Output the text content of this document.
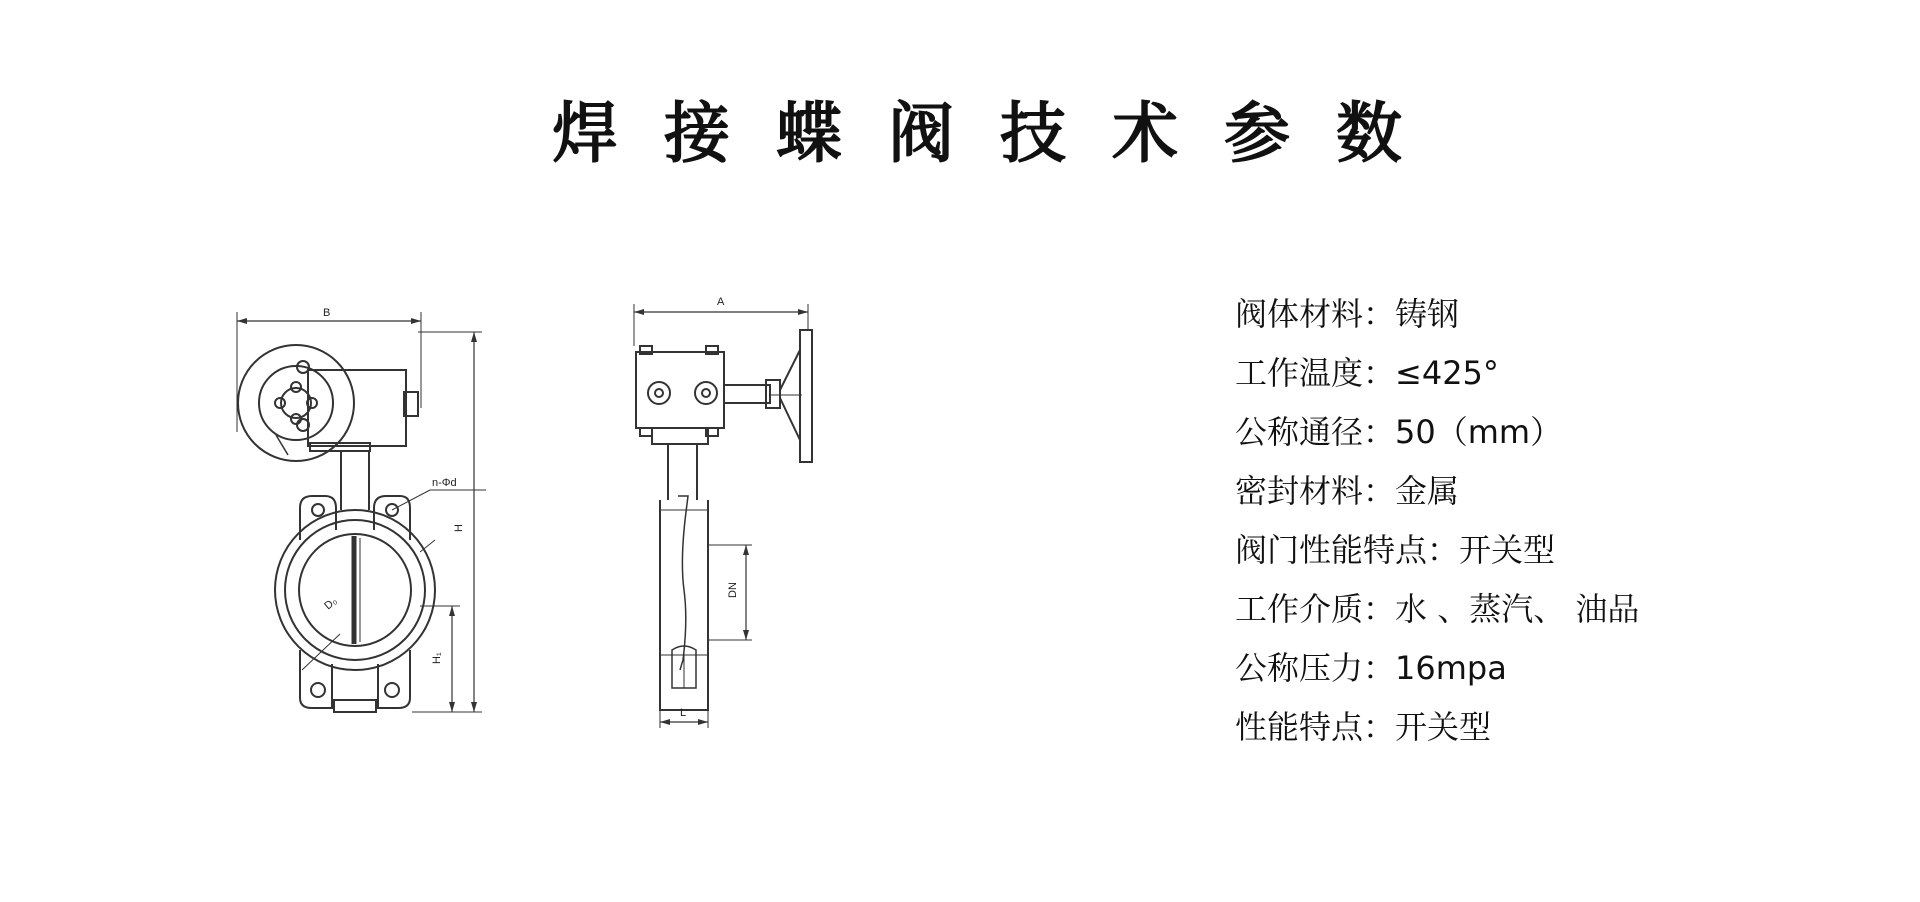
焊接蝶阀技术参数
B
D₀
n-Φd
H
H₁
A
DN
L
阀体材料：铸钢
工作温度：≤425°
公称通径：50（mm）
密封材料：金属
阀门性能特点：开关型
工作介质：水 、蒸汽、 油品
公称压力：16mpa
性能特点：开关型
